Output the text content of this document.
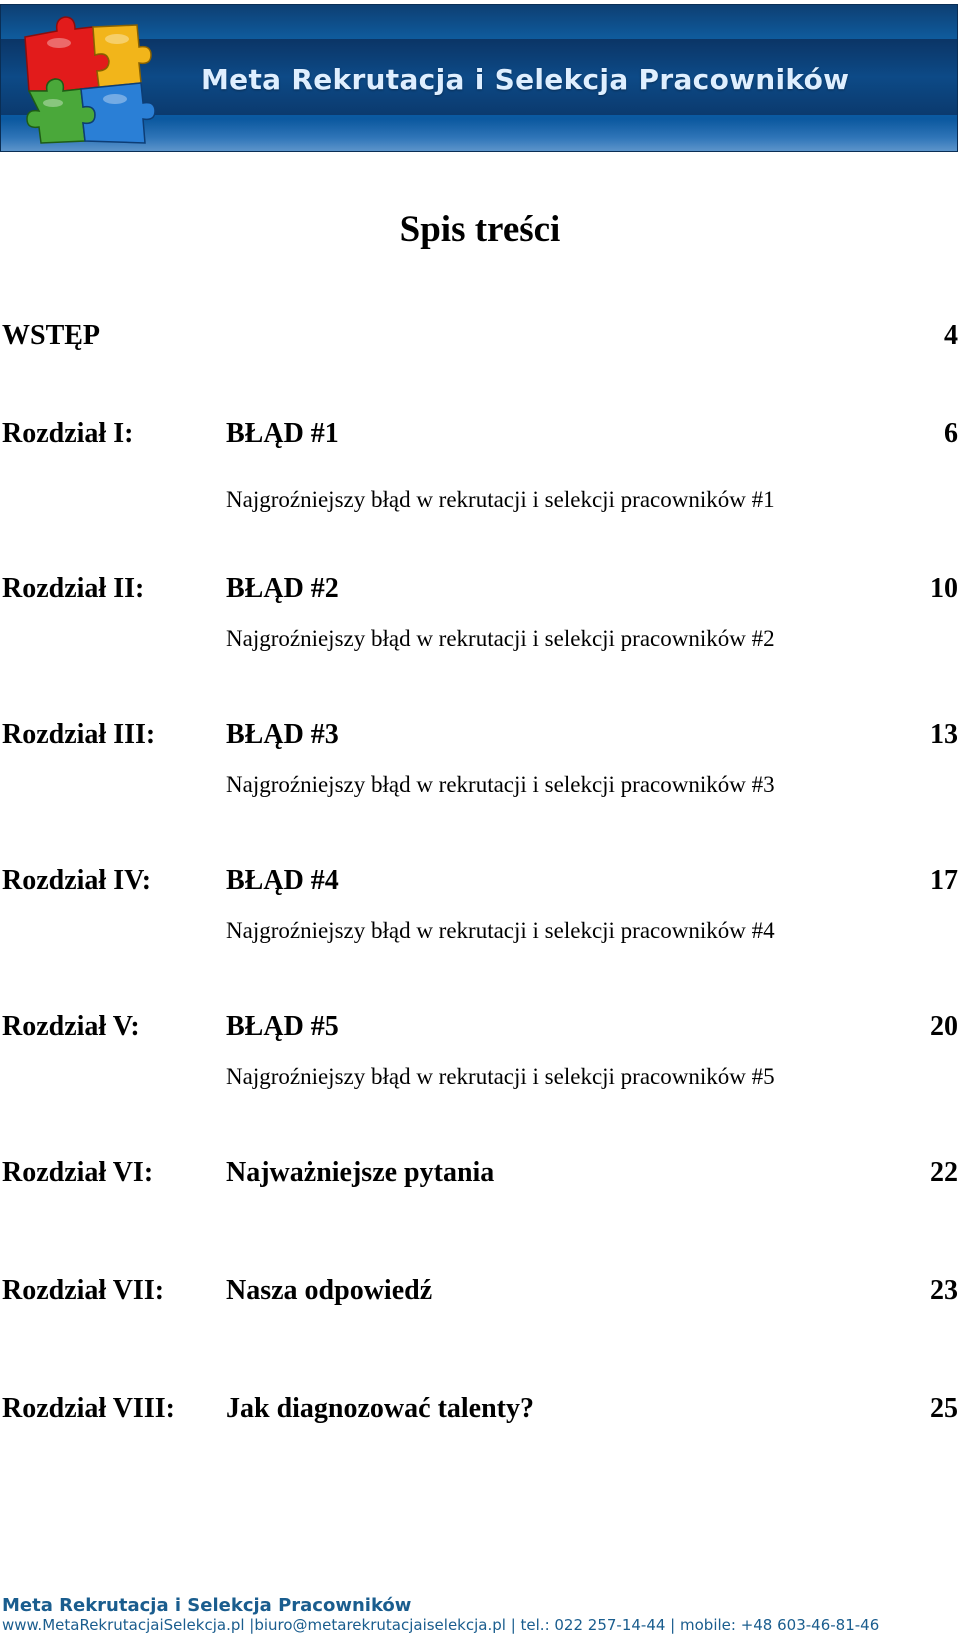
Meta Rekrutacja i Selekcja Pracowników
Spis treści
WSTĘP	4
Rozdział I:	BŁĄD #1	6
Najgroźniejszy błąd w rekrutacji i selekcji pracowników #1
Rozdział II:	BŁĄD #2	10
Najgroźniejszy błąd w rekrutacji i selekcji pracowników #2
Rozdział III:	BŁĄD #3	13
Najgroźniejszy błąd w rekrutacji i selekcji pracowników #3
Rozdział IV:	BŁĄD #4	17
Najgroźniejszy błąd w rekrutacji i selekcji pracowników #4
Rozdział V:	BŁĄD #5	20
Najgroźniejszy błąd w rekrutacji i selekcji pracowników #5
Rozdział VI:	Najważniejsze pytania	22
Rozdział VII: Nasza odpowiedź	23
Rozdział VIII: Jak diagnozować talenty?	25
Meta Rekrutacja i Selekcja Pracowników
www.MetaRekrutacjaiSelekcja.pl |biuro@metarekrutacjaiselekcja.pl | tel.: 022 257-14-44 | mobile: +48 603-46-81-46
